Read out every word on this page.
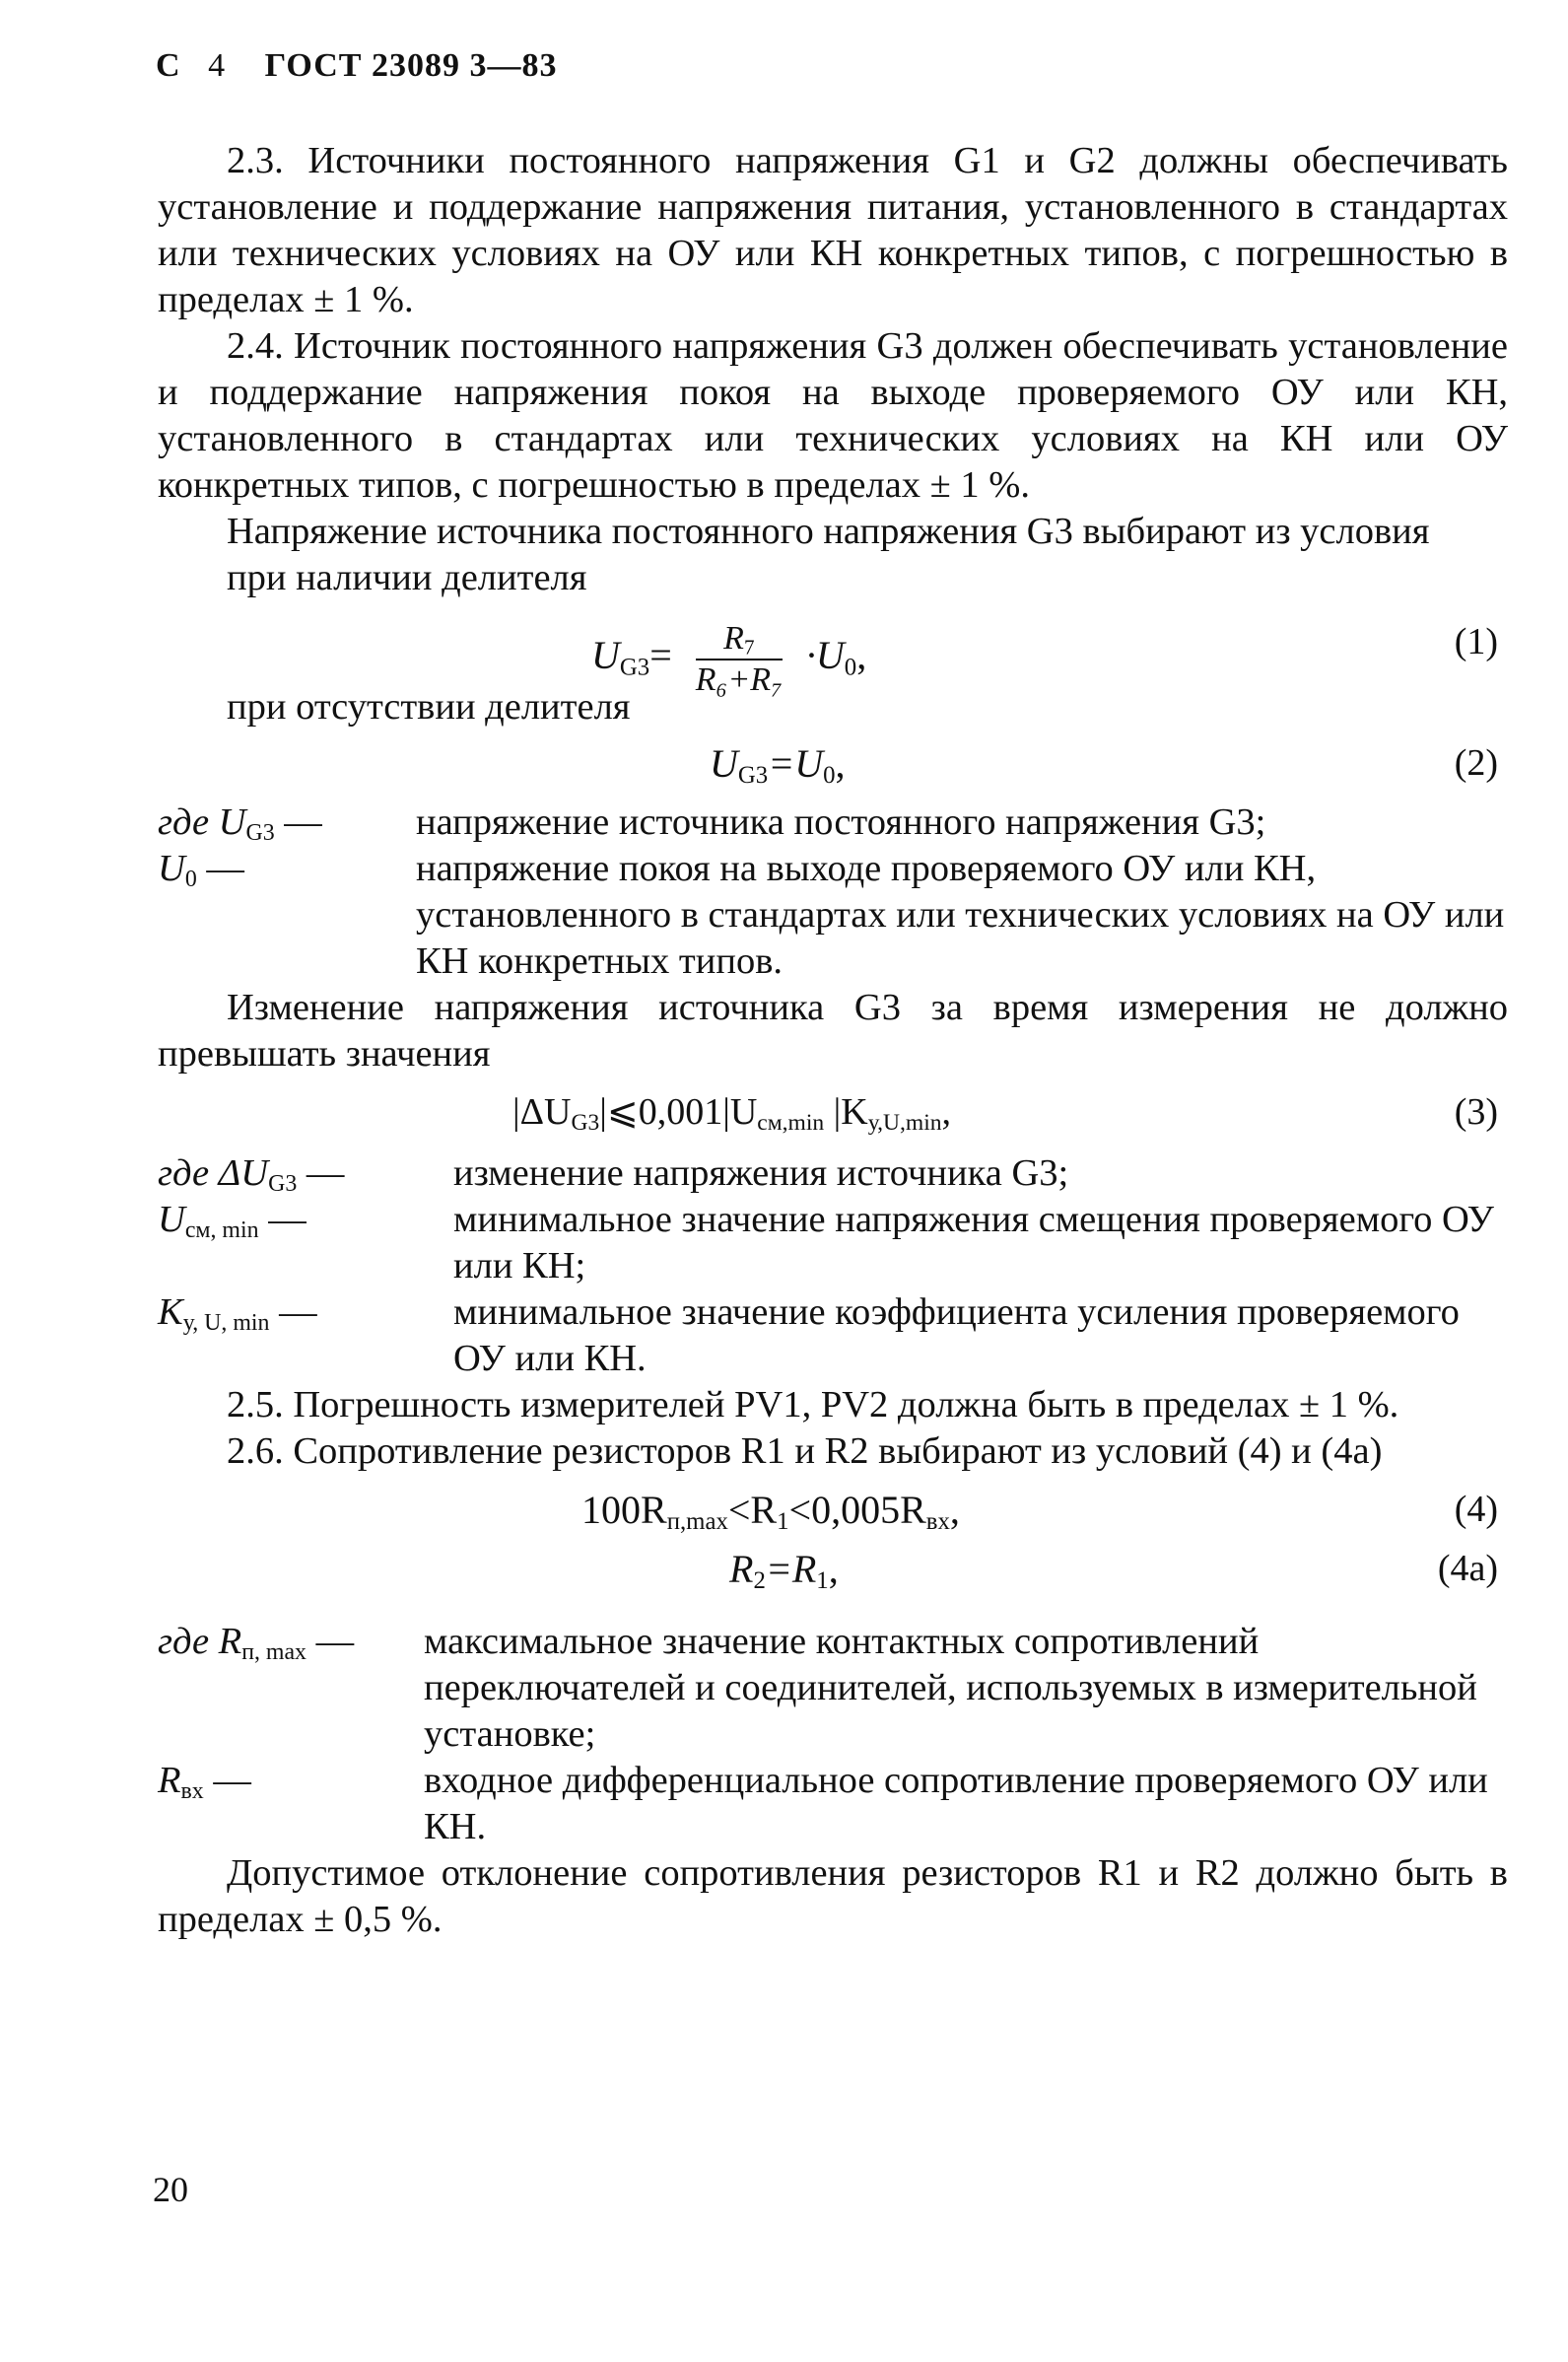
С 4 ГОСТ 23089 3—83

2.3. Источники постоянного напряжения G1 и G2 должны обеспечивать установление и поддержание напряжения питания, установленного в стандартах или технических условиях на ОУ или КН конкретных типов, с погрешностью в пределах ± 1 %.

2.4. Источник постоянного напряжения G3 должен обеспечивать установление и поддержание напряжения покоя на выходе проверяемого ОУ или КН, установленного в стандартах или технических условиях на КН или ОУ конкретных типов, с погрешностью в пределах ± 1 %.

Напряжение источника постоянного напряжения G3 выбирают из условия

при наличии делителя

$U_{G3}= \frac{R_7}{\text{R₆+R₇}} \cdot U_0$,	(1)

при отсутствии делителя

$U_{G3}=U_0$,	(2)
где $U_{G3}$ —	напряжение источника постоянного напряжения G3;
$U_0$ —	напряжение покоя на выходе проверяемого ОУ или КН, установленного в стандартах или технических условиях на ОУ или КН конкретных типов.

Изменение напряжения источника G3 за время измерения не должно превышать значения

$|\Delta U_{G3}|⩽0,001|U_{см,min}$ $|K_{у,U,min}$,	(3)
где $\Delta U_{G3}$ —	изменение напряжения источника G3;
$U_{см, min}$ —	минимальное значение напряжения смещения проверяемого ОУ или КН;
$K_{у, U, min}$ —	минимальное значение коэффициента усиления проверяемого ОУ или КН.

2.5. Погрешность измерителей PV1, PV2 должна быть в пределах ± 1 %.

2.6. Сопротивление резисторов R1 и R2 выбирают из условий (4) и (4а)

$100R_{п,max}<R_1<0,005R_{вх}$,	(4)
$R_2=R_1$,	(4а)
где $R_{п, max}$ —	максимальное значение контактных сопротивлений переключателей и соединителей, используемых в измерительной установке;
$R_{вх}$ —	входное дифференциальное сопротивление проверяемого ОУ или КН.

Допустимое отклонение сопротивления резисторов R1 и R2 должно быть в пределах ± 0,5 %.

20
